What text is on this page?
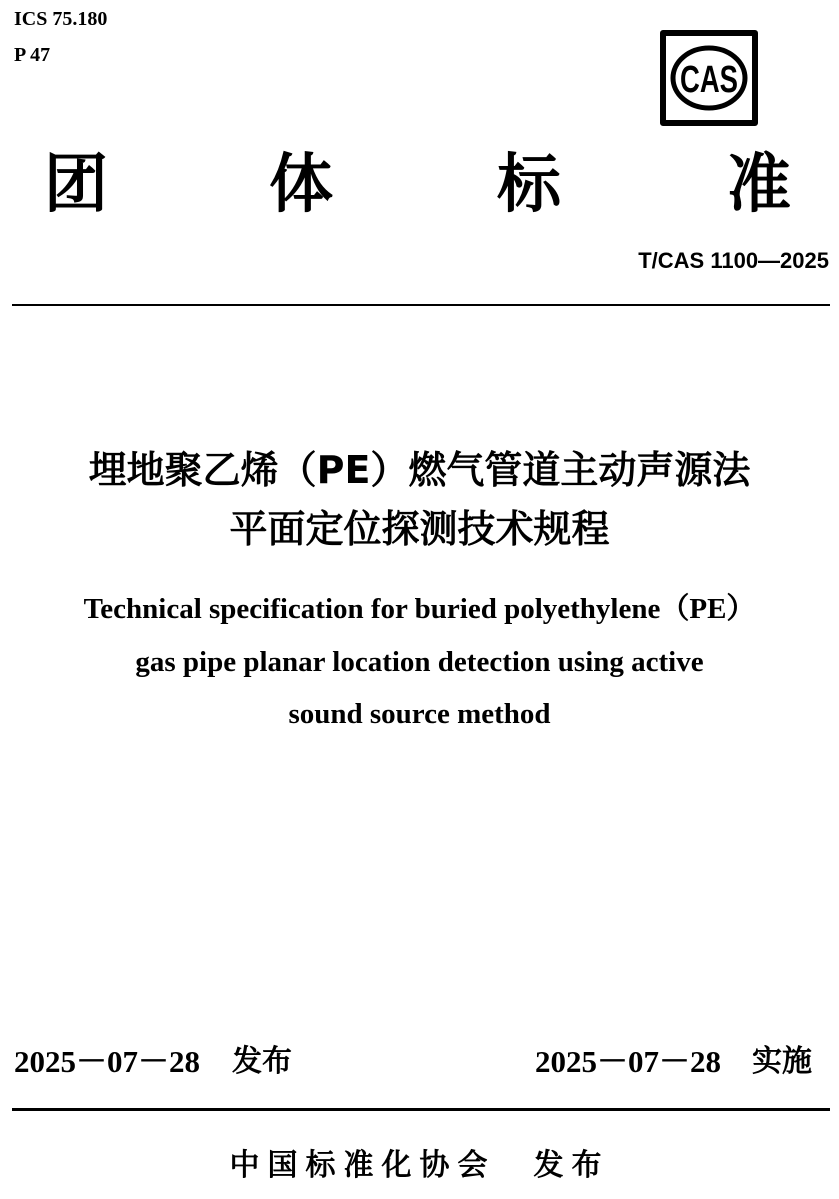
ICS 75.180
P 47
CAS
团	体	标	准
T/CAS 1100—2025
埋地聚乙烯（PE）燃气管道主动声源法
平面定位探测技术规程
Technical specification for buried polyethylene（PE）
gas pipe planar location detection using active
sound source method
2025－07－28 发布	2025－07－28 实施
中国标准化协会　发布
